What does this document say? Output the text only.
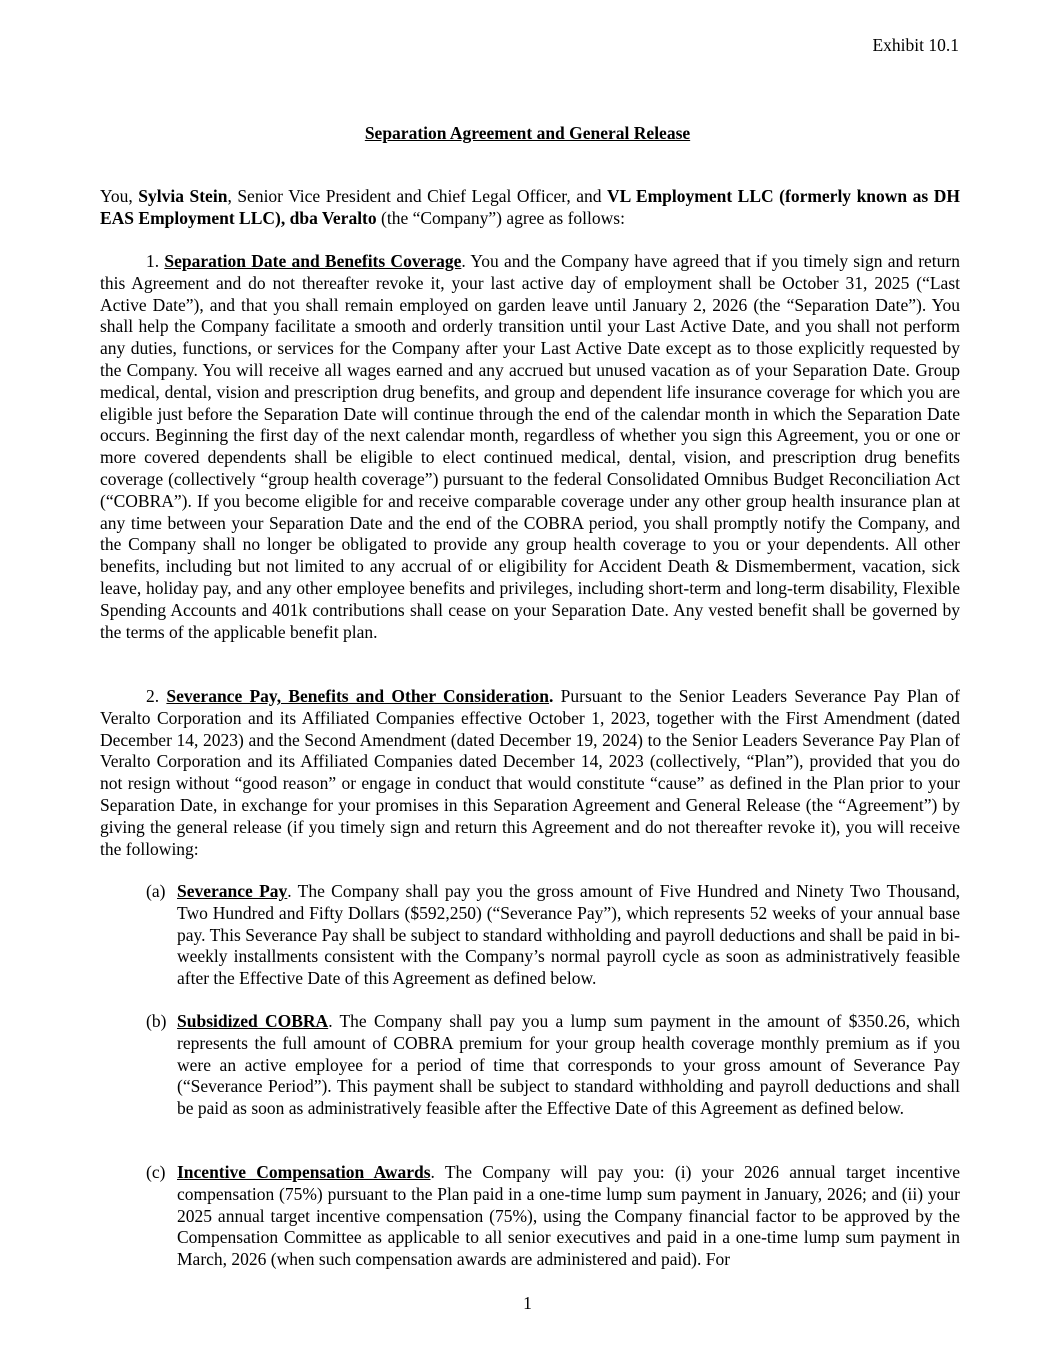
Exhibit 10.1
Separation Agreement and General Release
You, Sylvia Stein, Senior Vice President and Chief Legal Officer, and VL Employment LLC (formerly known as DH EAS Employment LLC), dba Veralto (the “Company”) agree as follows:
1. Separation Date and Benefits Coverage. You and the Company have agreed that if you timely sign and return this Agreement and do not thereafter revoke it, your last active day of employment shall be October 31, 2025 (“Last Active Date”), and that you shall remain employed on garden leave until January 2, 2026 (the “Separation Date”). You shall help the Company facilitate a smooth and orderly transition until your Last Active Date, and you shall not perform any duties, functions, or services for the Company after your Last Active Date except as to those explicitly requested by the Company. You will receive all wages earned and any accrued but unused vacation as of your Separation Date. Group medical, dental, vision and prescription drug benefits, and group and dependent life insurance coverage for which you are eligible just before the Separation Date will continue through the end of the calendar month in which the Separation Date occurs. Beginning the first day of the next calendar month, regardless of whether you sign this Agreement, you or one or more covered dependents shall be eligible to elect continued medical, dental, vision, and prescription drug benefits coverage (collectively “group health coverage”) pursuant to the federal Consolidated Omnibus Budget Reconciliation Act (“COBRA”). If you become eligible for and receive comparable coverage under any other group health insurance plan at any time between your Separation Date and the end of the COBRA period, you shall promptly notify the Company, and the Company shall no longer be obligated to provide any group health coverage to you or your dependents. All other benefits, including but not limited to any accrual of or eligibility for Accident Death & Dismemberment, vacation, sick leave, holiday pay, and any other employee benefits and privileges, including short-term and long-term disability, Flexible Spending Accounts and 401k contributions shall cease on your Separation Date. Any vested benefit shall be governed by the terms of the applicable benefit plan.
2. Severance Pay, Benefits and Other Consideration. Pursuant to the Senior Leaders Severance Pay Plan of Veralto Corporation and its Affiliated Companies effective October 1, 2023, together with the First Amendment (dated December 14, 2023) and the Second Amendment (dated December 19, 2024) to the Senior Leaders Severance Pay Plan of Veralto Corporation and its Affiliated Companies dated December 14, 2023 (collectively, “Plan”), provided that you do not resign without “good reason” or engage in conduct that would constitute “cause” as defined in the Plan prior to your Separation Date, in exchange for your promises in this Separation Agreement and General Release (the “Agreement”) by giving the general release (if you timely sign and return this Agreement and do not thereafter revoke it), you will receive the following:
(a) Severance Pay. The Company shall pay you the gross amount of Five Hundred and Ninety Two Thousand, Two Hundred and Fifty Dollars ($592,250) (“Severance Pay”), which represents 52 weeks of your annual base pay. This Severance Pay shall be subject to standard withholding and payroll deductions and shall be paid in bi-weekly installments consistent with the Company’s normal payroll cycle as soon as administratively feasible after the Effective Date of this Agreement as defined below.
(b) Subsidized COBRA. The Company shall pay you a lump sum payment in the amount of $350.26, which represents the full amount of COBRA premium for your group health coverage monthly premium as if you were an active employee for a period of time that corresponds to your gross amount of Severance Pay (“Severance Period”). This payment shall be subject to standard withholding and payroll deductions and shall be paid as soon as administratively feasible after the Effective Date of this Agreement as defined below.
(c) Incentive Compensation Awards. The Company will pay you: (i) your 2026 annual target incentive compensation (75%) pursuant to the Plan paid in a one-time lump sum payment in January, 2026; and (ii) your 2025 annual target incentive compensation (75%), using the Company financial factor to be approved by the Compensation Committee as applicable to all senior executives and paid in a one-time lump sum payment in March, 2026 (when such compensation awards are administered and paid). For
1
